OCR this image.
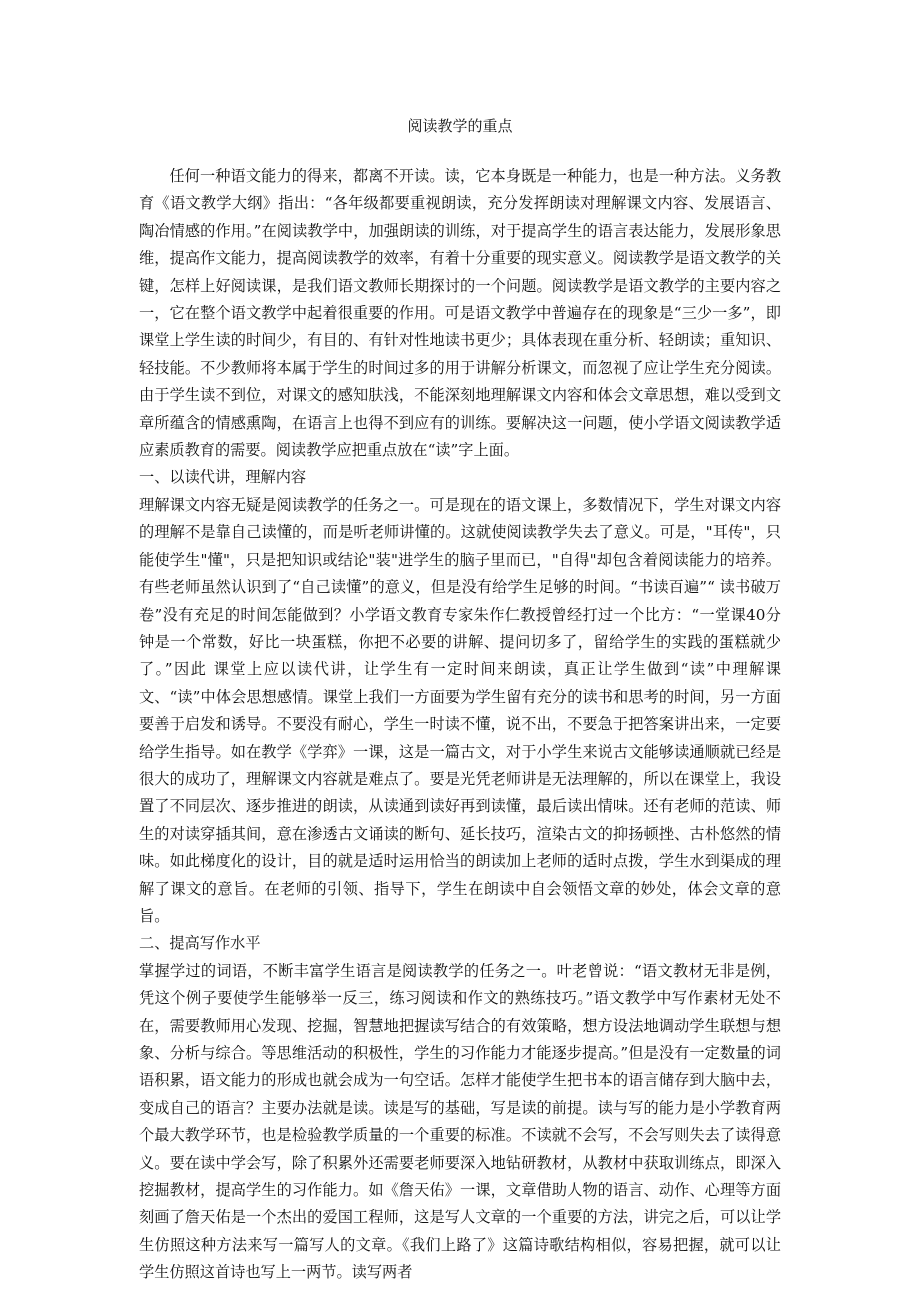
阅读教学的重点

任何一种语文能力的得来，都离不开读。读，它本身既是一种能力，也是一种方法。义务教育《语文教学大纲》指出：“各年级都要重视朗读，充分发挥朗读对理解课文内容、发展语言、陶冶情感的作用。”在阅读教学中，加强朗读的训练，对于提高学生的语言表达能力，发展形象思维，提高作文能力，提高阅读教学的效率，有着十分重要的现实意义。阅读教学是语文教学的关键，怎样上好阅读课，是我们语文教师长期探讨的一个问题。阅读教学是语文教学的主要内容之一，它在整个语文教学中起着很重要的作用。可是语文教学中普遍存在的现象是“三少一多”，即课堂上学生读的时间少，有目的、有针对性地读书更少；具体表现在重分析、轻朗读；重知识、轻技能。不少教师将本属于学生的时间过多的用于讲解分析课文，而忽视了应让学生充分阅读。由于学生读不到位，对课文的感知肤浅，不能深刻地理解课文内容和体会文章思想，难以受到文章所蕴含的情感熏陶，在语言上也得不到应有的训练。要解决这一问题，使小学语文阅读教学适应素质教育的需要。阅读教学应把重点放在“读”字上面。

一、以读代讲，理解内容

理解课文内容无疑是阅读教学的任务之一。可是现在的语文课上，多数情况下，学生对课文内容的理解不是靠自己读懂的，而是听老师讲懂的。这就使阅读教学失去了意义。可是，"耳传"，只能使学生"懂"，只是把知识或结论"装"进学生的脑子里而已，"自得"却包含着阅读能力的培养。有些老师虽然认识到了“自己读懂”的意义，但是没有给学生足够的时间。“书读百遍”“ 读书破万卷”没有充足的时间怎能做到？小学语文教育专家朱作仁教授曾经打过一个比方：“一堂课40分钟是一个常数，好比一块蛋糕，你把不必要的讲解、提问切多了，留给学生的实践的蛋糕就少了。”因此 课堂上应以读代讲，让学生有一定时间来朗读，真正让学生做到“读”中理解课文、“读”中体会思想感情。课堂上我们一方面要为学生留有充分的读书和思考的时间，另一方面要善于启发和诱导。不要没有耐心，学生一时读不懂，说不出，不要急于把答案讲出来，一定要给学生指导。如在教学《学弈》一课，这是一篇古文，对于小学生来说古文能够读通顺就已经是很大的成功了，理解课文内容就是难点了。要是光凭老师讲是无法理解的，所以在课堂上，我设置了不同层次、逐步推进的朗读，从读通到读好再到读懂，最后读出情味。还有老师的范读、师生的对读穿插其间，意在渗透古文诵读的断句、延长技巧，渲染古文的抑扬顿挫、古朴悠然的情味。如此梯度化的设计，目的就是适时运用恰当的朗读加上老师的适时点拨，学生水到渠成的理解了课文的意旨。在老师的引领、指导下，学生在朗读中自会领悟文章的妙处，体会文章的意旨。

二、提高写作水平

掌握学过的词语，不断丰富学生语言是阅读教学的任务之一。叶老曾说：“语文教材无非是例，凭这个例子要使学生能够举一反三，练习阅读和作文的熟练技巧。”语文教学中写作素材无处不在，需要教师用心发现、挖掘，智慧地把握读写结合的有效策略，想方设法地调动学生联想与想象、分析与综合。等思维活动的积极性，学生的习作能力才能逐步提高。”但是没有一定数量的词语积累，语文能力的形成也就会成为一句空话。怎样才能使学生把书本的语言储存到大脑中去，变成自己的语言？主要办法就是读。读是写的基础，写是读的前提。读与写的能力是小学教育两个最大教学环节，也是检验教学质量的一个重要的标准。不读就不会写，不会写则失去了读得意义。要在读中学会写，除了积累外还需要老师要深入地钻研教材，从教材中获取训练点，即深入挖掘教材，提高学生的习作能力。如《詹天佑》一课，文章借助人物的语言、动作、心理等方面刻画了詹天佑是一个杰出的爱国工程师，这是写人文章的一个重要的方法，讲完之后，可以让学生仿照这种方法来写一篇写人的文章。《我们上路了》这篇诗歌结构相似，容易把握，就可以让学生仿照这首诗也写上一两节。读写两者
